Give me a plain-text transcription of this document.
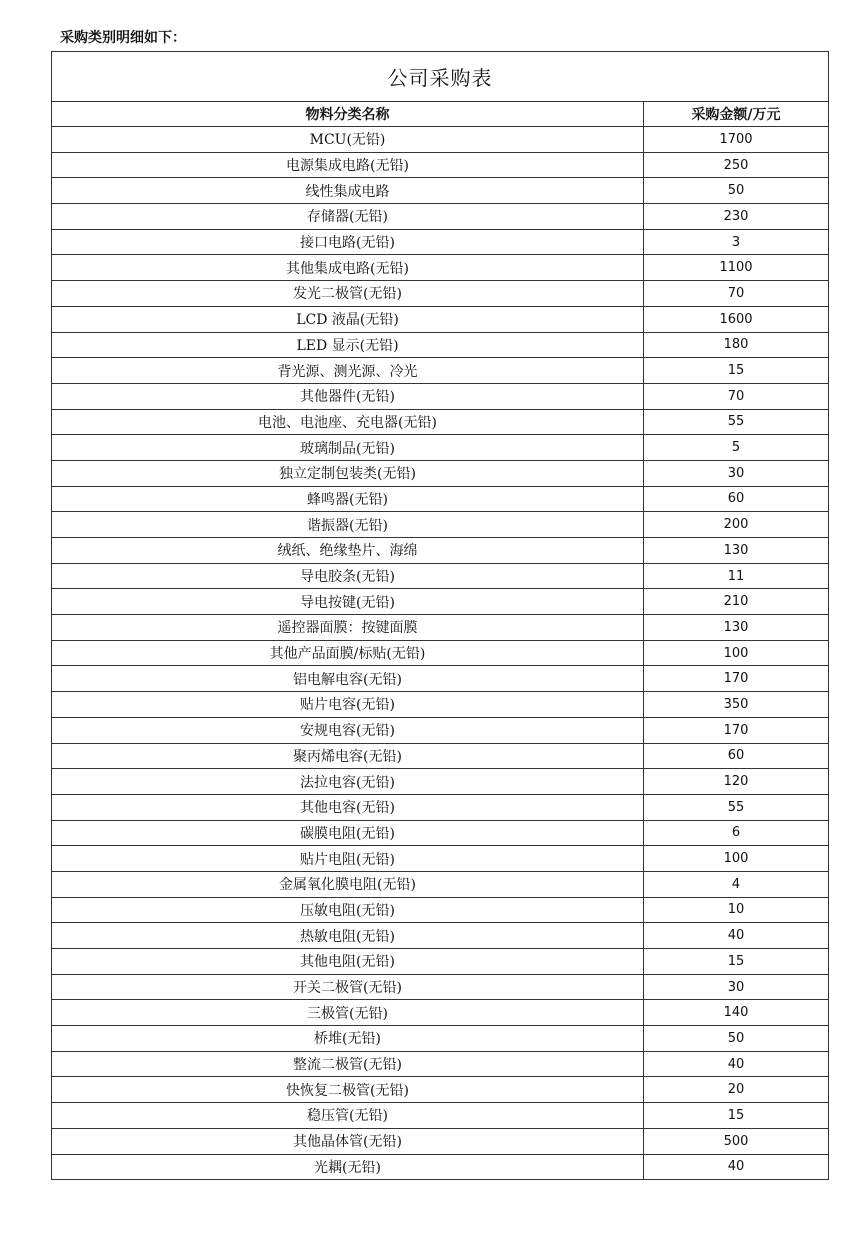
采购类别明细如下：
公司采购表	
物料分类名称	采购金额/万元
MCU(无铅)	1700
电源集成电路(无铅)	250
线性集成电路	50
存储器(无铅)	230
接口电路(无铅)	3
其他集成电路(无铅)	1100
发光二极管(无铅)	70
LCD 液晶(无铅)	1600
LED 显示(无铅)	180
背光源、测光源、冷光	15
其他器件(无铅)	70
电池、电池座、充电器(无铅)	55
玻璃制品(无铅)	5
独立定制包装类(无铅)	30
蜂鸣器(无铅)	60
谐振器(无铅)	200
绒纸、绝缘垫片、海绵	130
导电胶条(无铅)	11
导电按键(无铅)	210
遥控器面膜：按键面膜	130
其他产品面膜/标贴(无铅)	100
铝电解电容(无铅)	170
贴片电容(无铅)	350
安规电容(无铅)	170
聚丙烯电容(无铅)	60
法拉电容(无铅)	120
其他电容(无铅)	55
碳膜电阻(无铅)	6
贴片电阻(无铅)	100
金属氧化膜电阻(无铅)	4
压敏电阻(无铅)	10
热敏电阻(无铅)	40
其他电阻(无铅)	15
开关二极管(无铅)	30
三极管(无铅)	140
桥堆(无铅)	50
整流二极管(无铅)	40
快恢复二极管(无铅)	20
稳压管(无铅)	15
其他晶体管(无铅)	500
光耦(无铅)	40
